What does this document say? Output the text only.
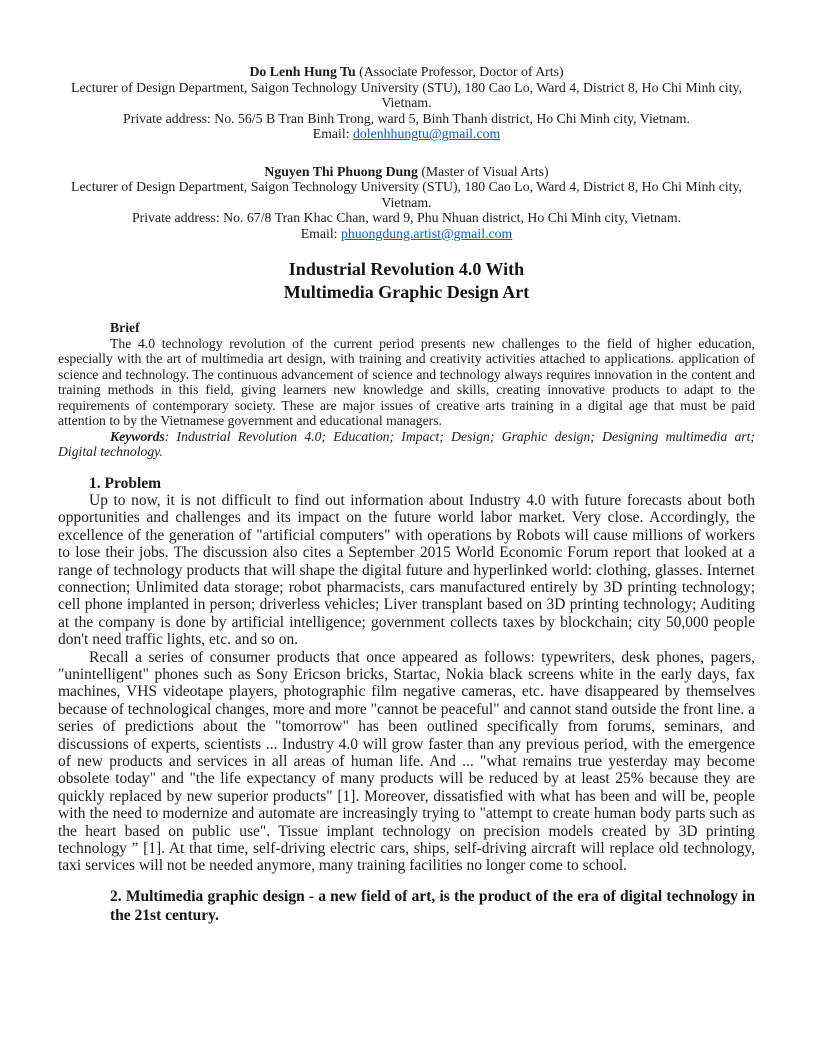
Do Lenh Hung Tu (Associate Professor, Doctor of Arts)
Lecturer of Design Department, Saigon Technology University (STU), 180 Cao Lo, Ward 4, District 8, Ho Chi Minh city, Vietnam.
Private address: No. 56/5 B Tran Binh Trong, ward 5, Binh Thanh district, Ho Chi Minh city, Vietnam.
Email: dolenhhungtu@gmail.com
Nguyen Thi Phuong Dung (Master of Visual Arts)
Lecturer of Design Department, Saigon Technology University (STU), 180 Cao Lo, Ward 4, District 8, Ho Chi Minh city, Vietnam.
Private address: No. 67/8 Tran Khac Chan, ward 9, Phu Nhuan district, Ho Chi Minh city, Vietnam.
Email: phuongdung.artist@gmail.com
Industrial Revolution 4.0 With
Multimedia Graphic Design Art
Brief

The 4.0 technology revolution of the current period presents new challenges to the field of higher education, especially with the art of multimedia art design, with training and creativity activities attached to applications. application of science and technology. The continuous advancement of science and technology always requires innovation in the content and training methods in this field, giving learners new knowledge and skills, creating innovative products to adapt to the requirements of contemporary society. These are major issues of creative arts training in a digital age that must be paid attention to by the Vietnamese government and educational managers.

Keywords: Industrial Revolution 4.0; Education; Impact; Design; Graphic design; Designing multimedia art; Digital technology.

1. Problem

Up to now, it is not difficult to find out information about Industry 4.0 with future forecasts about both opportunities and challenges and its impact on the future world labor market. Very close. Accordingly, the excellence of the generation of "artificial computers" with operations by Robots will cause millions of workers to lose their jobs. The discussion also cites a September 2015 World Economic Forum report that looked at a range of technology products that will shape the digital future and hyperlinked world: clothing, glasses. Internet connection; Unlimited data storage; robot pharmacists, cars manufactured entirely by 3D printing technology; cell phone implanted in person; driverless vehicles; Liver transplant based on 3D printing technology; Auditing at the company is done by artificial intelligence; government collects taxes by blockchain; city 50,000 people don't need traffic lights, etc. and so on.

Recall a series of consumer products that once appeared as follows: typewriters, desk phones, pagers, "unintelligent" phones such as Sony Ericson bricks, Startac, Nokia black screens white in the early days, fax machines, VHS videotape players, photographic film negative cameras, etc. have disappeared by themselves because of technological changes, more and more "cannot be peaceful" and cannot stand outside the front line. a series of predictions about the "tomorrow" has been outlined specifically from forums, seminars, and discussions of experts, scientists ... Industry 4.0 will grow faster than any previous period, with the emergence of new products and services in all areas of human life. And ... "what remains true yesterday may become obsolete today" and "the life expectancy of many products will be reduced by at least 25% because they are quickly replaced by new superior products" [1]. Moreover, dissatisfied with what has been and will be, people with the need to modernize and automate are increasingly trying to "attempt to create human body parts such as the heart based on public use". Tissue implant technology on precision models created by 3D printing technology ” [1]. At that time, self-driving electric cars, ships, self-driving aircraft will replace old technology, taxi services will not be needed anymore, many training facilities no longer come to school.

2. Multimedia graphic design - a new field of art, is the product of the era of digital technology in the 21st century.
